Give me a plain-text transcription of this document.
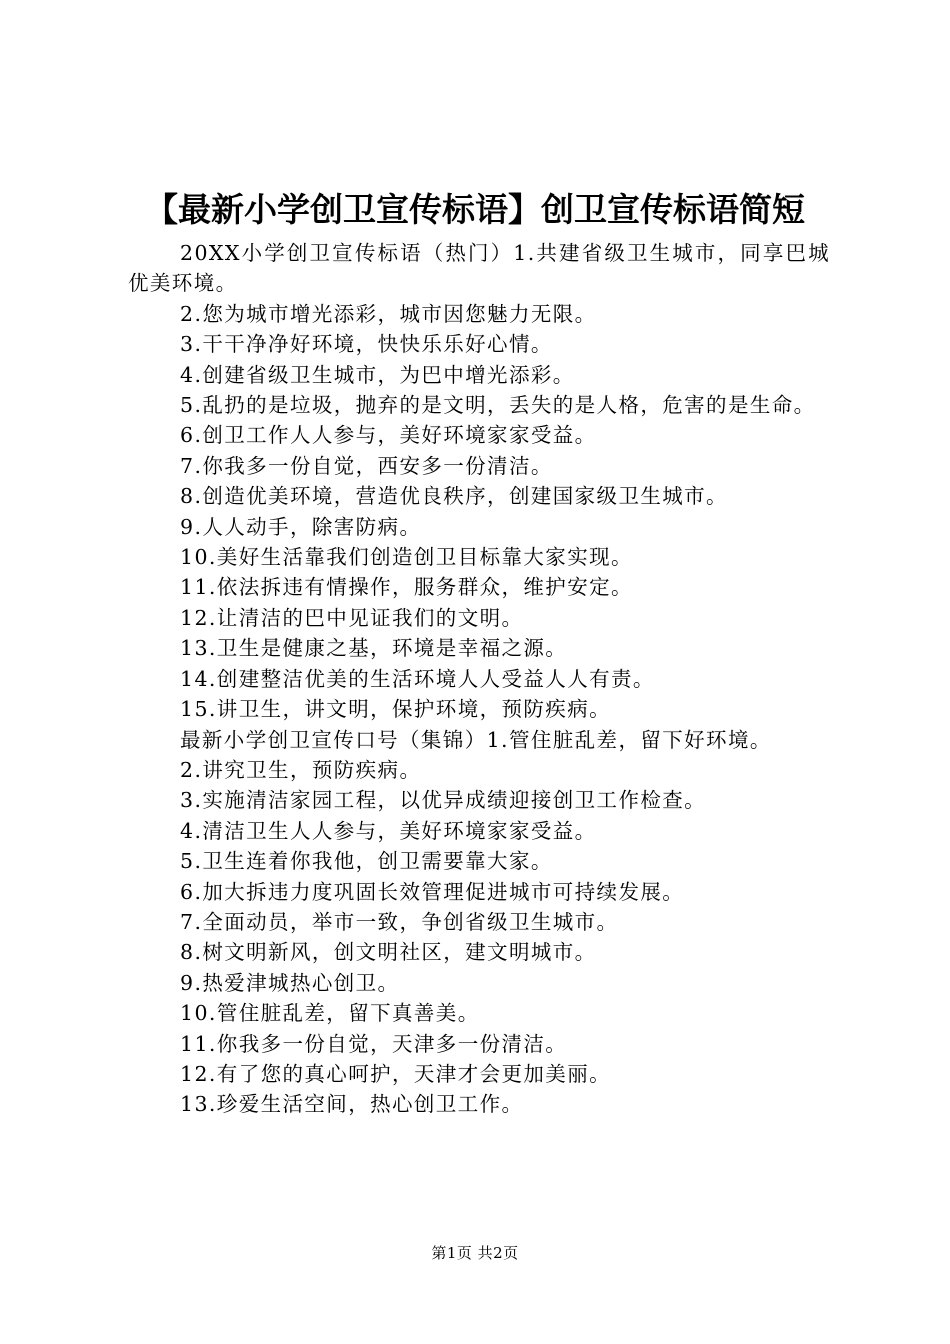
【最新小学创卫宣传标语】创卫宣传标语简短

20XX小学创卫宣传标语（热门）1.共建省级卫生城市，同享巴城优美环境。

2.您为城市增光添彩，城市因您魅力无限。

3.干干净净好环境，快快乐乐好心情。

4.创建省级卫生城市，为巴中增光添彩。

5.乱扔的是垃圾，抛弃的是文明，丢失的是人格，危害的是生命。

6.创卫工作人人参与，美好环境家家受益。

7.你我多一份自觉，西安多一份清洁。

8.创造优美环境，营造优良秩序，创建国家级卫生城市。

9.人人动手，除害防病。

10.美好生活靠我们创造创卫目标靠大家实现。

11.依法拆违有情操作，服务群众，维护安定。

12.让清洁的巴中见证我们的文明。

13.卫生是健康之基，环境是幸福之源。

14.创建整洁优美的生活环境人人受益人人有责。

15.讲卫生，讲文明，保护环境，预防疾病。

最新小学创卫宣传口号（集锦）1.管住脏乱差，留下好环境。

2.讲究卫生，预防疾病。

3.实施清洁家园工程，以优异成绩迎接创卫工作检查。

4.清洁卫生人人参与，美好环境家家受益。

5.卫生连着你我他，创卫需要靠大家。

6.加大拆违力度巩固长效管理促进城市可持续发展。

7.全面动员，举市一致，争创省级卫生城市。

8.树文明新风，创文明社区，建文明城市。

9.热爱津城热心创卫。

10.管住脏乱差，留下真善美。

11.你我多一份自觉，天津多一份清洁。

12.有了您的真心呵护，天津才会更加美丽。

13.珍爱生活空间，热心创卫工作。

第1页 共2页
